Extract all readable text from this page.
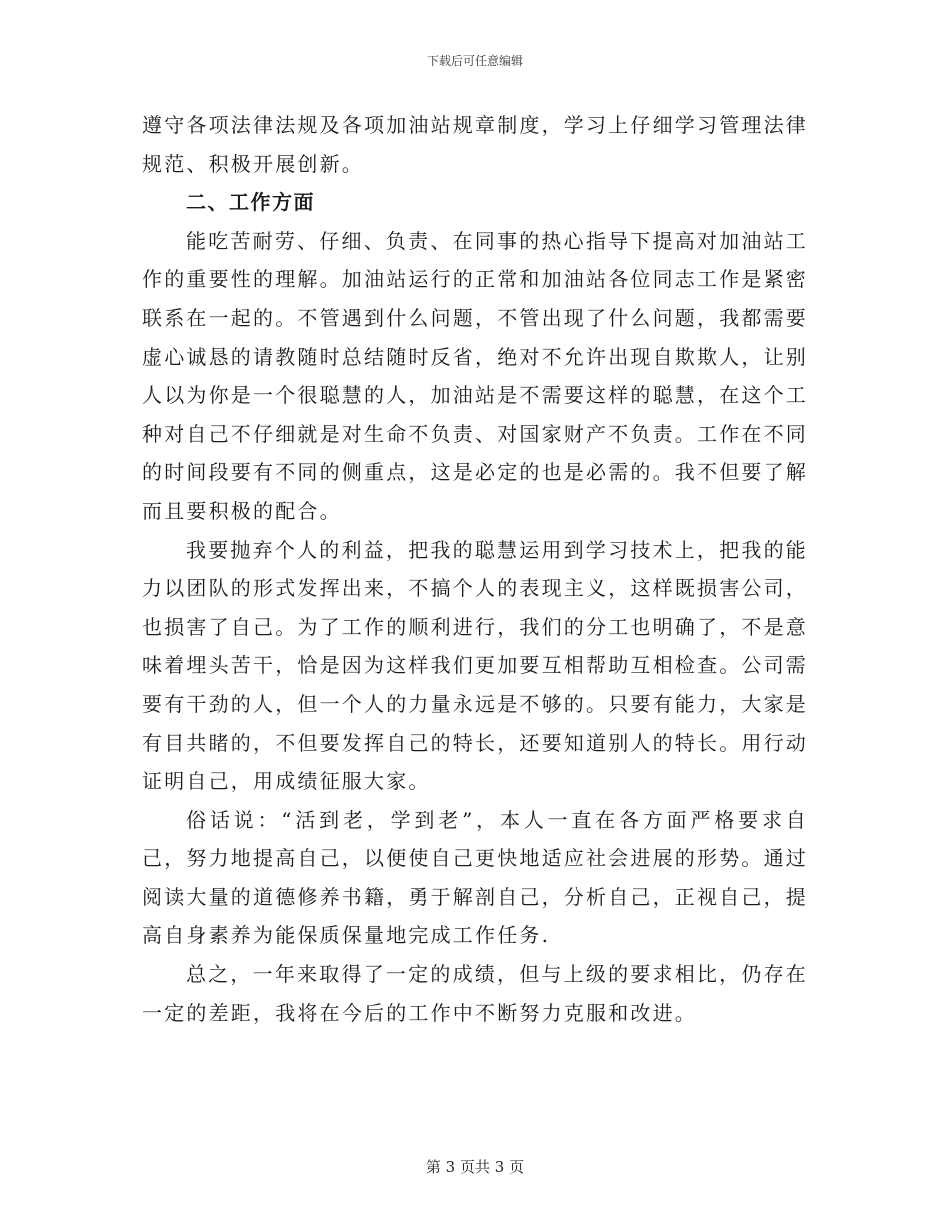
下载后可任意编辑

遵守各项法律法规及各项加油站规章制度，学习上仔细学习管理法律规范、积极开展创新。

二、工作方面

能吃苦耐劳、仔细、负责、在同事的热心指导下提高对加油站工作的重要性的理解。加油站运行的正常和加油站各位同志工作是紧密联系在一起的。不管遇到什么问题，不管出现了什么问题，我都需要虚心诚恳的请教随时总结随时反省，绝对不允许出现自欺欺人，让别人以为你是一个很聪慧的人，加油站是不需要这样的聪慧，在这个工种对自己不仔细就是对生命不负责、对国家财产不负责。工作在不同的时间段要有不同的侧重点，这是必定的也是必需的。我不但要了解而且要积极的配合。

我要抛弃个人的利益，把我的聪慧运用到学习技术上，把我的能力以团队的形式发挥出来，不搞个人的表现主义，这样既损害公司，也损害了自己。为了工作的顺利进行，我们的分工也明确了，不是意味着埋头苦干，恰是因为这样我们更加要互相帮助互相检查。公司需要有干劲的人，但一个人的力量永远是不够的。只要有能力，大家是有目共睹的，不但要发挥自己的特长，还要知道别人的特长。用行动证明自己，用成绩征服大家。

俗话说：“活到老，学到老”，本人一直在各方面严格要求自己，努力地提高自己，以便使自己更快地适应社会进展的形势。通过阅读大量的道德修养书籍，勇于解剖自己，分析自己，正视自己，提高自身素养为能保质保量地完成工作任务.

总之，一年来取得了一定的成绩，但与上级的要求相比，仍存在一定的差距，我将在今后的工作中不断努力克服和改进。

第 3 页共 3 页
